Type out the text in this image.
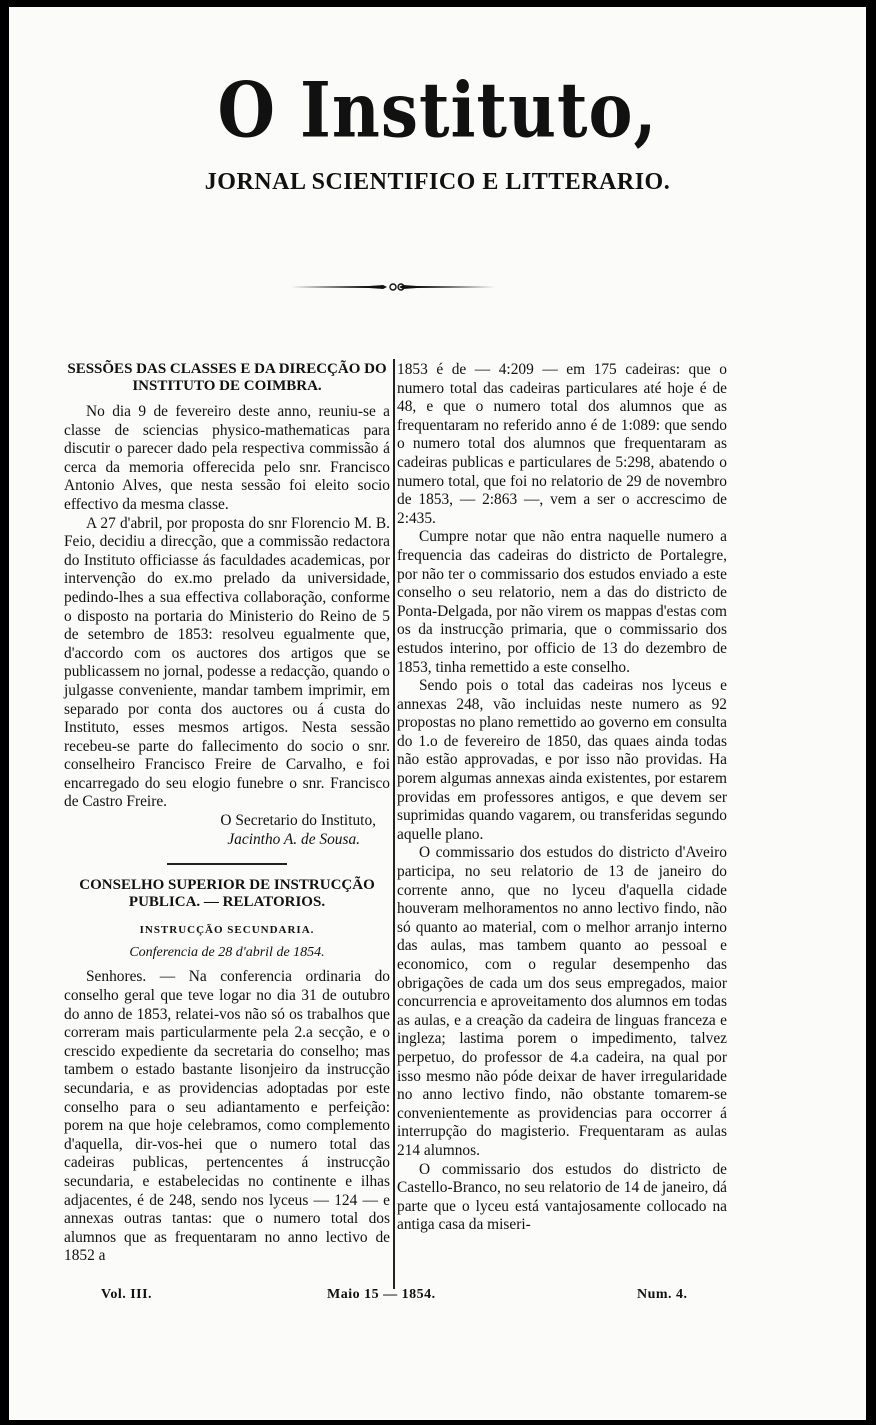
O Instituto,
JORNAL SCIENTIFICO E LITTERARIO.

SESSÕES DAS CLASSES E DA DIRECÇÃO DO INSTITUTO DE COIMBRA.

No dia 9 de fevereiro deste anno, reuniu-se a classe de sciencias physico-mathematicas para discutir o parecer dado pela respectiva commissão á cerca da memoria offerecida pelo snr. Francisco Antonio Alves, que nesta sessão foi eleito socio effectivo da mesma classe.

A 27 d'abril, por proposta do snr Florencio M. B. Feio, decidiu a direcção, que a commissão redactora do Instituto officiasse ás faculdades academicas, por intervenção do ex.mo prelado da universidade, pedindo-lhes a sua effectiva collaboração, conforme o disposto na portaria do Ministerio do Reino de 5 de setembro de 1853: resolveu egualmente que, d'accordo com os auctores dos artigos que se publicassem no jornal, podesse a redacção, quando o julgasse conveniente, mandar tambem imprimir, em separado por conta dos auctores ou á custa do Instituto, esses mesmos artigos. Nesta sessão recebeu-se parte do fallecimento do socio o snr. conselheiro Francisco Freire de Carvalho, e foi encarregado do seu elogio funebre o snr. Francisco de Castro Freire.

O Secretario do Instituto,

Jacintho A. de Sousa.

CONSELHO SUPERIOR DE INSTRUCÇÃO PUBLICA. — RELATORIOS.

INSTRUCÇÃO SECUNDARIA.

Conferencia de 28 d'abril de 1854.

Senhores. — Na conferencia ordinaria do conselho geral que teve logar no dia 31 de outubro do anno de 1853, relatei-vos não só os trabalhos que correram mais particularmente pela 2.a secção, e o crescido expediente da secretaria do conselho; mas tambem o estado bastante lisonjeiro da instrucção secundaria, e as providencias adoptadas por este conselho para o seu adiantamento e perfeição: porem na que hoje celebramos, como complemento d'aquella, dir-vos-hei que o numero total das cadeiras publicas, pertencentes á instrucção secundaria, e estabelecidas no continente e ilhas adjacentes, é de 248, sendo nos lyceus — 124 — e annexas outras tantas: que o numero total dos alumnos que as frequentaram no anno lectivo de 1852 a

1853 é de — 4:209 — em 175 cadeiras: que o numero total das cadeiras particulares até hoje é de 48, e que o numero total dos alumnos que as frequentaram no referido anno é de 1:089: que sendo o numero total dos alumnos que frequentaram as cadeiras publicas e particulares de 5:298, abatendo o numero total, que foi no relatorio de 29 de novembro de 1853, — 2:863 —, vem a ser o accrescimo de 2:435.

Cumpre notar que não entra naquelle numero a frequencia das cadeiras do districto de Portalegre, por não ter o commissario dos estudos enviado a este conselho o seu relatorio, nem a das do districto de Ponta-Delgada, por não virem os mappas d'estas com os da instrucção primaria, que o commissario dos estudos interino, por officio de 13 do dezembro de 1853, tinha remettido a este conselho.

Sendo pois o total das cadeiras nos lyceus e annexas 248, vão incluidas neste numero as 92 propostas no plano remettido ao governo em consulta do 1.o de fevereiro de 1850, das quaes ainda todas não estão approvadas, e por isso não providas. Ha porem algumas annexas ainda existentes, por estarem providas em professores antigos, e que devem ser suprimidas quando vagarem, ou transferidas segundo aquelle plano.

O commissario dos estudos do districto d'Aveiro participa, no seu relatorio de 13 de janeiro do corrente anno, que no lyceu d'aquella cidade houveram melhoramentos no anno lectivo findo, não só quanto ao material, com o melhor arranjo interno das aulas, mas tambem quanto ao pessoal e economico, com o regular desempenho das obrigações de cada um dos seus empregados, maior concurrencia e aproveitamento dos alumnos em todas as aulas, e a creação da cadeira de linguas franceza e ingleza; lastima porem o impedimento, talvez perpetuo, do professor de 4.a cadeira, na qual por isso mesmo não póde deixar de haver irregularidade no anno lectivo findo, não obstante tomarem-se convenientemente as providencias para occorrer á interrupção do magisterio. Frequentaram as aulas 214 alumnos.

O commissario dos estudos do districto de Castello-Branco, no seu relatorio de 14 de janeiro, dá parte que o lyceu está vantajosamente collocado na antiga casa da miseri-

Vol. III.	Maio 15 — 1854.	Num. 4.
